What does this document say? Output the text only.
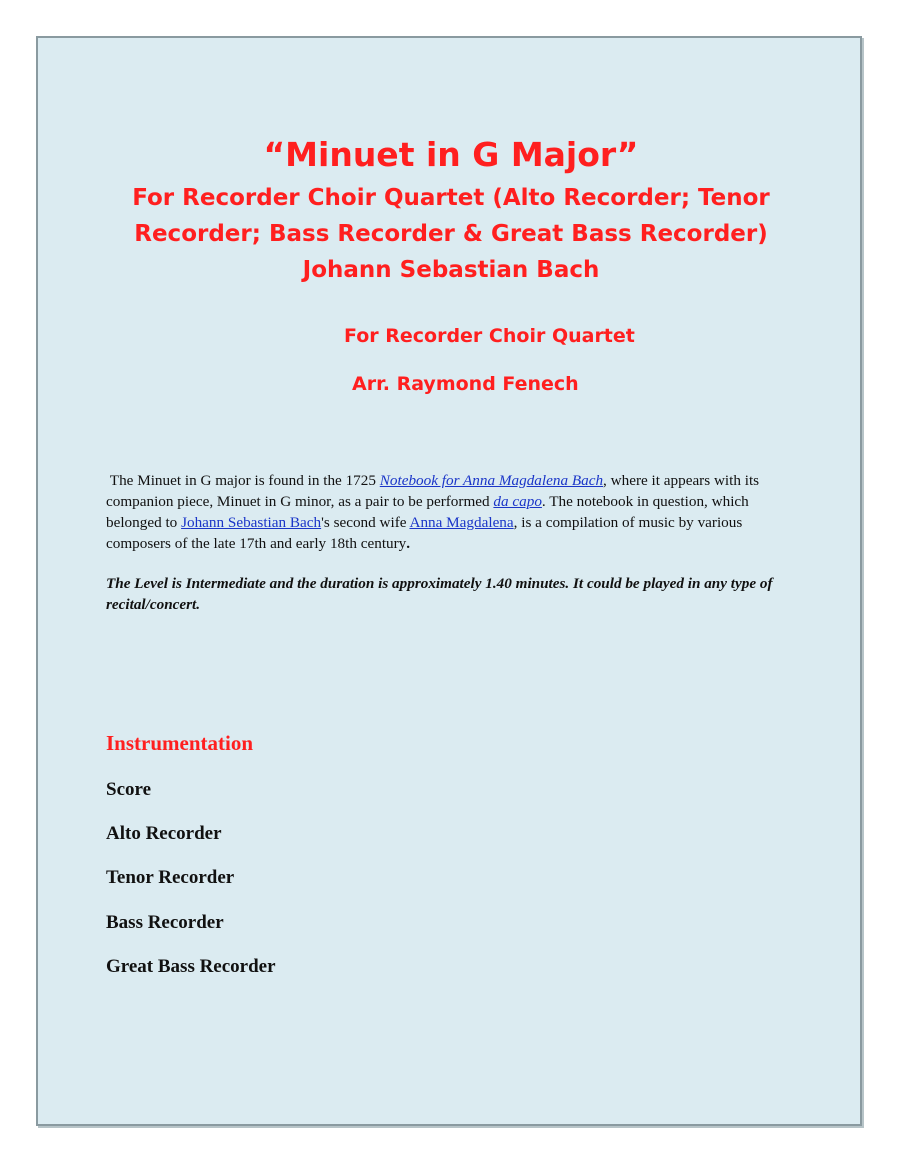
“Minuet in G Major”
For Recorder Choir Quartet (Alto Recorder; Tenor Recorder; Bass Recorder & Great Bass Recorder)
Johann Sebastian Bach
For Recorder Choir Quartet
Arr. Raymond Fenech
The Minuet in G major is found in the 1725 Notebook for Anna Magdalena Bach, where it appears with its companion piece, Minuet in G minor, as a pair to be performed da capo. The notebook in question, which belonged to Johann Sebastian Bach's second wife Anna Magdalena, is a compilation of music by various composers of the late 17th and early 18th century.
The Level is Intermediate and the duration is approximately 1.40 minutes. It could be played in any type of recital/concert.
Instrumentation
Score
Alto Recorder
Tenor Recorder
Bass Recorder
Great Bass Recorder
